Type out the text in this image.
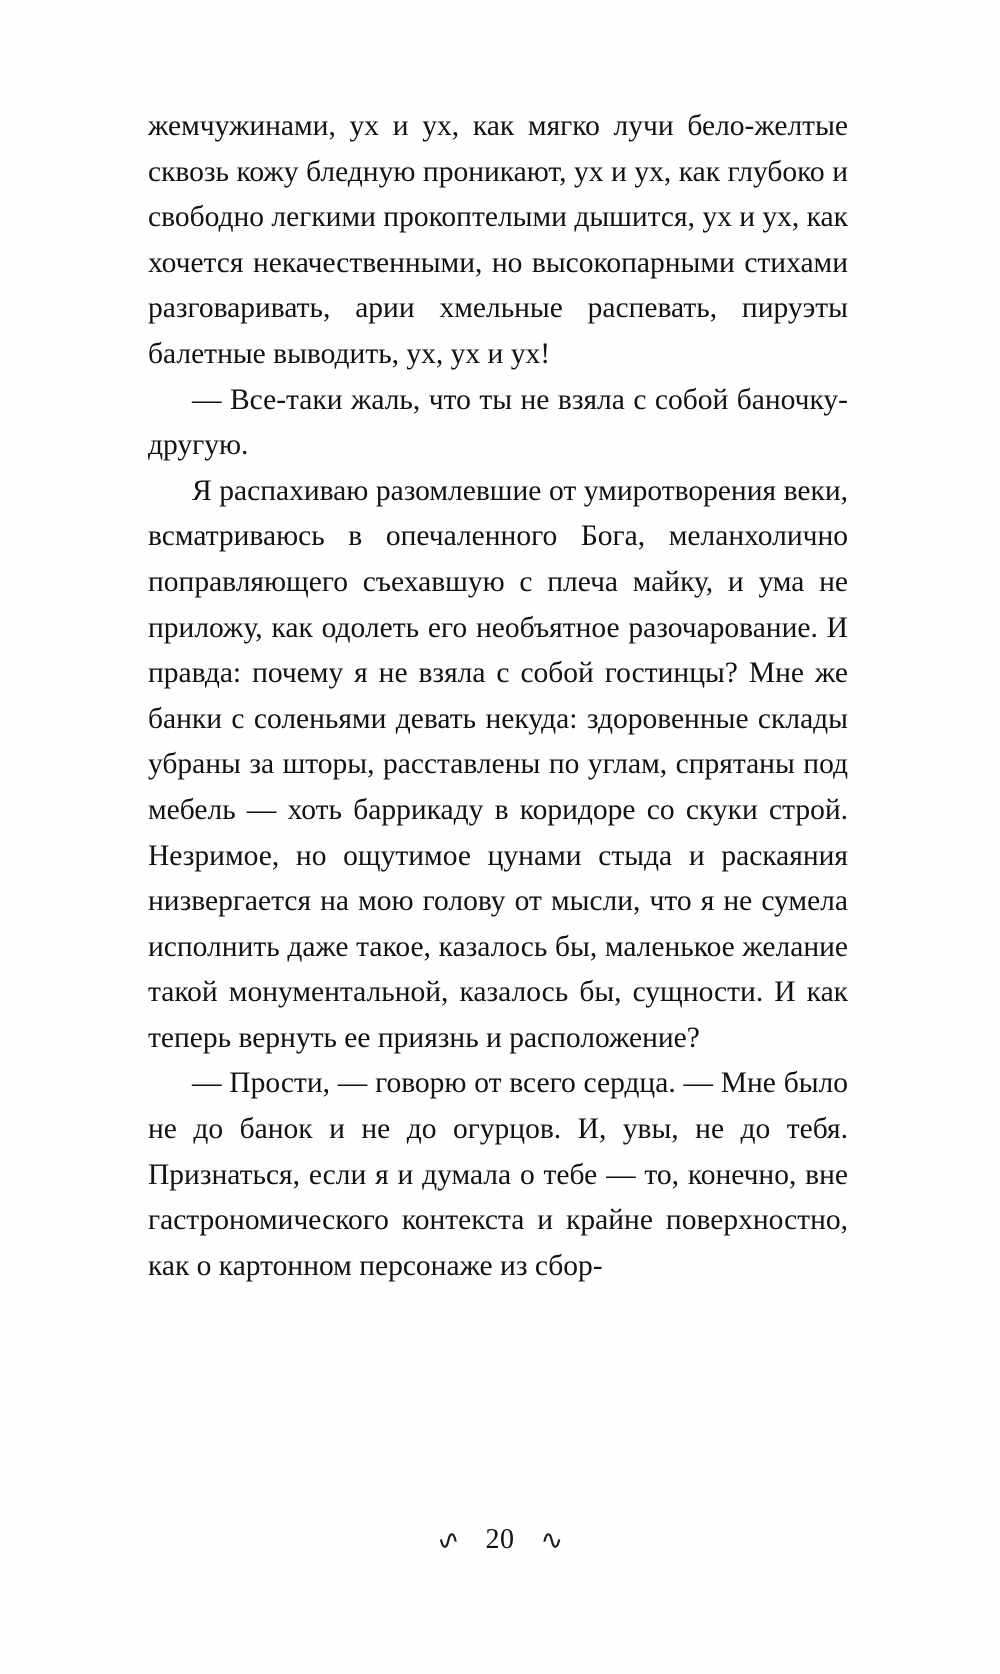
жемчужинами, ух и ух, как мягко лучи бело-желтые сквозь кожу бледную проникают, ух и ух, как глубоко и свободно легкими прокоптелыми дышится, ух и ух, как хочется некачественными, но высокопарными стихами разговаривать, арии хмельные распевать, пируэты балетные выводить, ух, ух и ух!

— Все-таки жаль, что ты не взяла с собой баночку-другую.

Я распахиваю разомлевшие от умиротворения веки, всматриваюсь в опечаленного Бога, меланхолично поправляющего съехавшую с плеча майку, и ума не приложу, как одолеть его необъятное разочарование. И правда: почему я не взяла с собой гостинцы? Мне же банки с соленьями девать некуда: здоровенные склады убраны за шторы, расставлены по углам, спрятаны под мебель — хоть баррикаду в коридоре со скуки строй. Незримое, но ощутимое цунами стыда и раскаяния низвергается на мою голову от мысли, что я не сумела исполнить даже такое, казалось бы, маленькое желание такой монументальной, казалось бы, сущности. И как теперь вернуть ее приязнь и расположение?

— Прости, — говорю от всего сердца. — Мне было не до банок и не до огурцов. И, увы, не до тебя. Признаться, если я и думала о тебе — то, конечно, вне гастрономического контекста и крайне поверхностно, как о картонном персонаже из сбор-

∿ 20 ∿
